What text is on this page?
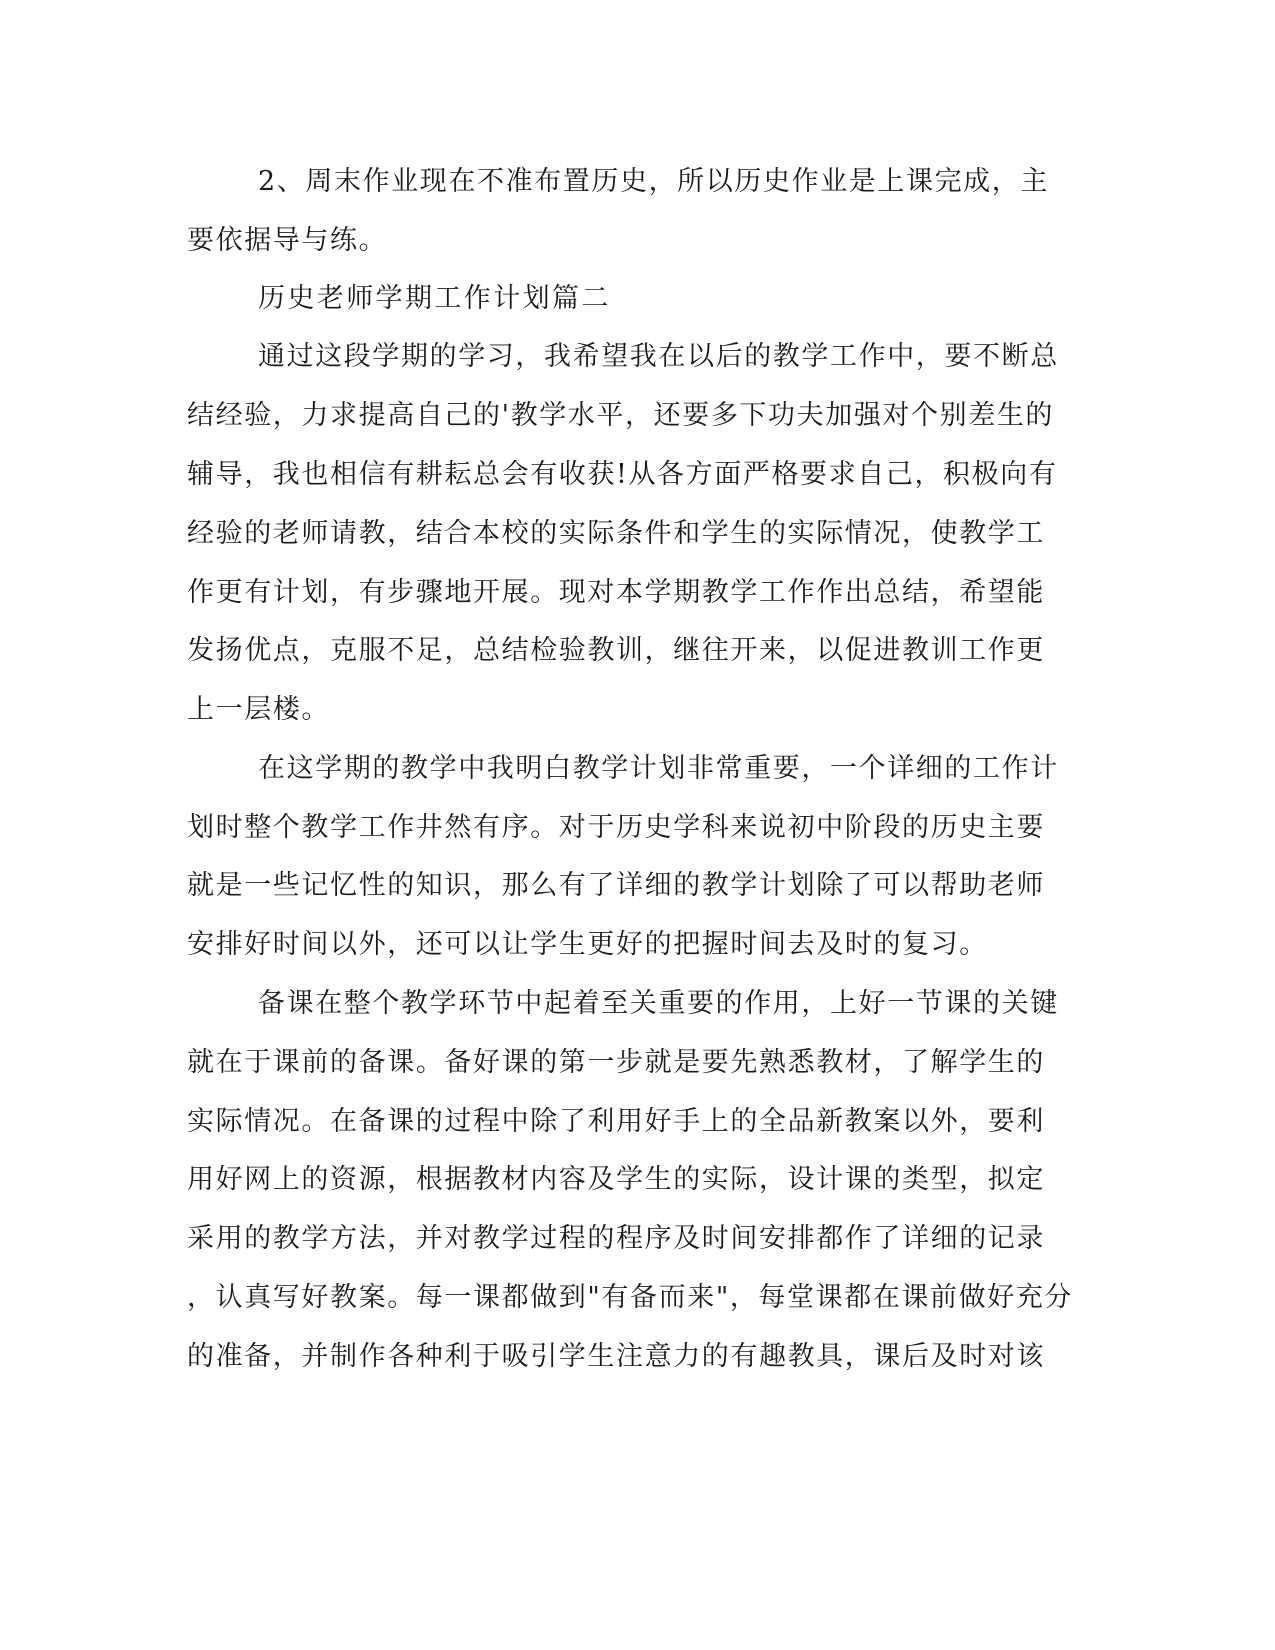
2、周末作业现在不准布置历史，所以历史作业是上课完成，主
要依据导与练。
历史老师学期工作计划篇二
通过这段学期的学习，我希望我在以后的教学工作中，要不断总
结经验，力求提高自己的'教学水平，还要多下功夫加强对个别差生的
辅导，我也相信有耕耘总会有收获!从各方面严格要求自己，积极向有
经验的老师请教，结合本校的实际条件和学生的实际情况，使教学工
作更有计划，有步骤地开展。现对本学期教学工作作出总结，希望能
发扬优点，克服不足，总结检验教训，继往开来，以促进教训工作更
上一层楼。
在这学期的教学中我明白教学计划非常重要，一个详细的工作计
划时整个教学工作井然有序。对于历史学科来说初中阶段的历史主要
就是一些记忆性的知识，那么有了详细的教学计划除了可以帮助老师
安排好时间以外，还可以让学生更好的把握时间去及时的复习。
备课在整个教学环节中起着至关重要的作用，上好一节课的关键
就在于课前的备课。备好课的第一步就是要先熟悉教材，了解学生的
实际情况。在备课的过程中除了利用好手上的全品新教案以外，要利
用好网上的资源，根据教材内容及学生的实际，设计课的类型，拟定
采用的教学方法，并对教学过程的程序及时间安排都作了详细的记录
，认真写好教案。每一课都做到"有备而来"，每堂课都在课前做好充分
的准备，并制作各种利于吸引学生注意力的有趣教具，课后及时对该
